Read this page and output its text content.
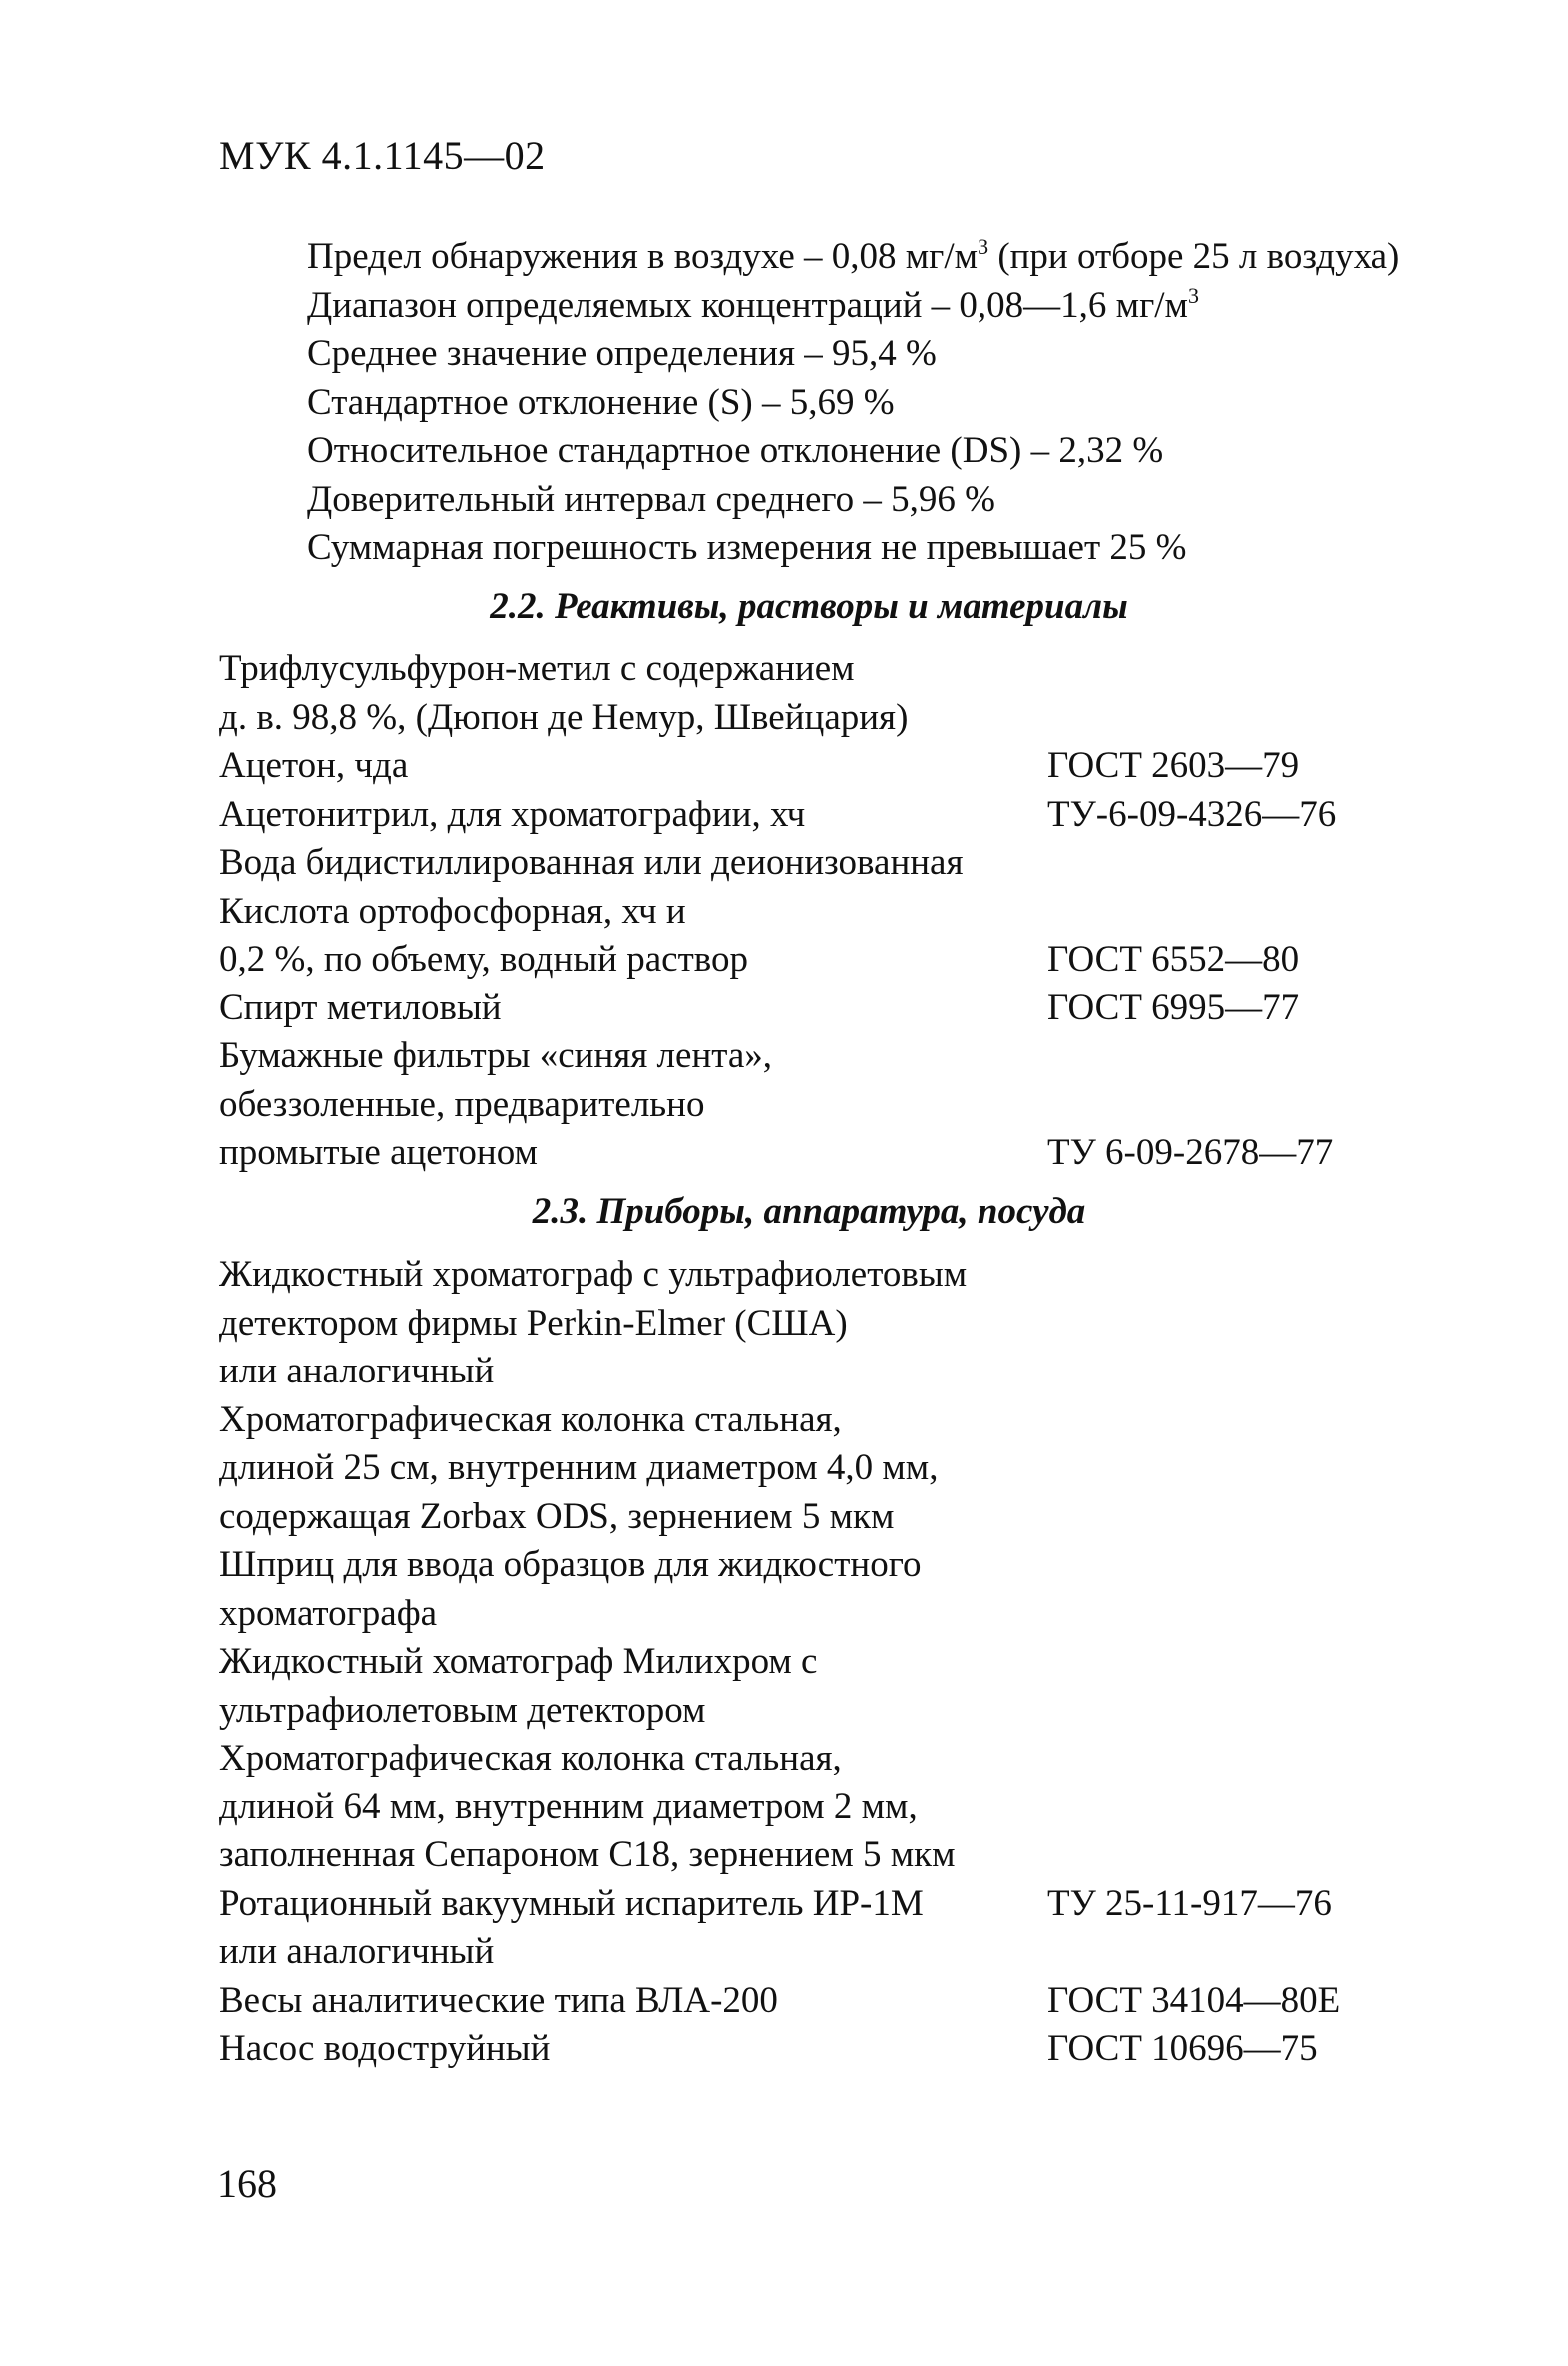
МУК 4.1.1145—02
Предел обнаружения в воздухе – 0,08 $мг/м^3$ (при отборе 25 л воздуха)
Диапазон определяемых концентраций – 0,08—1,6 $мг/м^3$
Среднее значение определения – 95,4 %
Стандартное отклонение (S) – 5,69 %
Относительное стандартное отклонение (DS) – 2,32 %
Доверительный интервал среднего – 5,96 %
Суммарная погрешность измерения не превышает 25 %
2.2. Реактивы, растворы и материалы
Трифлусульфурон-метил с содержанием
д. в. 98,8 %, (Дюпон де Немур, Швейцария)
Ацетон, чда	ГОСТ 2603—79
Ацетонитрил, для хроматографии, хч	ТУ-6-09-4326—76
Вода бидистиллированная или деионизованная
Кислота ортофосфорная, хч и
0,2 %, по объему, водный раствор	ГОСТ 6552—80
Спирт метиловый	ГОСТ 6995—77
Бумажные фильтры «синяя лента»,
обеззоленные, предварительно
промытые ацетоном	ТУ 6-09-2678—77
2.3. Приборы, аппаратура, посуда
Жидкостный хроматограф с ультрафиолетовым
детектором фирмы Perkin-Elmer (США)
или аналогичный
Хроматографическая колонка стальная,
длиной 25 см, внутренним диаметром 4,0 мм,
содержащая Zorbax ODS, зернением 5 мкм
Шприц для ввода образцов для жидкостного
хроматографа
Жидкостный хоматограф Милихром с
ультрафиолетовым детектором
Хроматографическая колонка стальная,
длиной 64 мм, внутренним диаметром 2 мм,
заполненная Сепароном С18, зернением 5 мкм
Ротационный вакуумный испаритель ИР-1М	ТУ 25-11-917—76
или аналогичный
Весы аналитические типа ВЛА-200	ГОСТ 34104—80Е
Насос водоструйный	ГОСТ 10696—75
168
